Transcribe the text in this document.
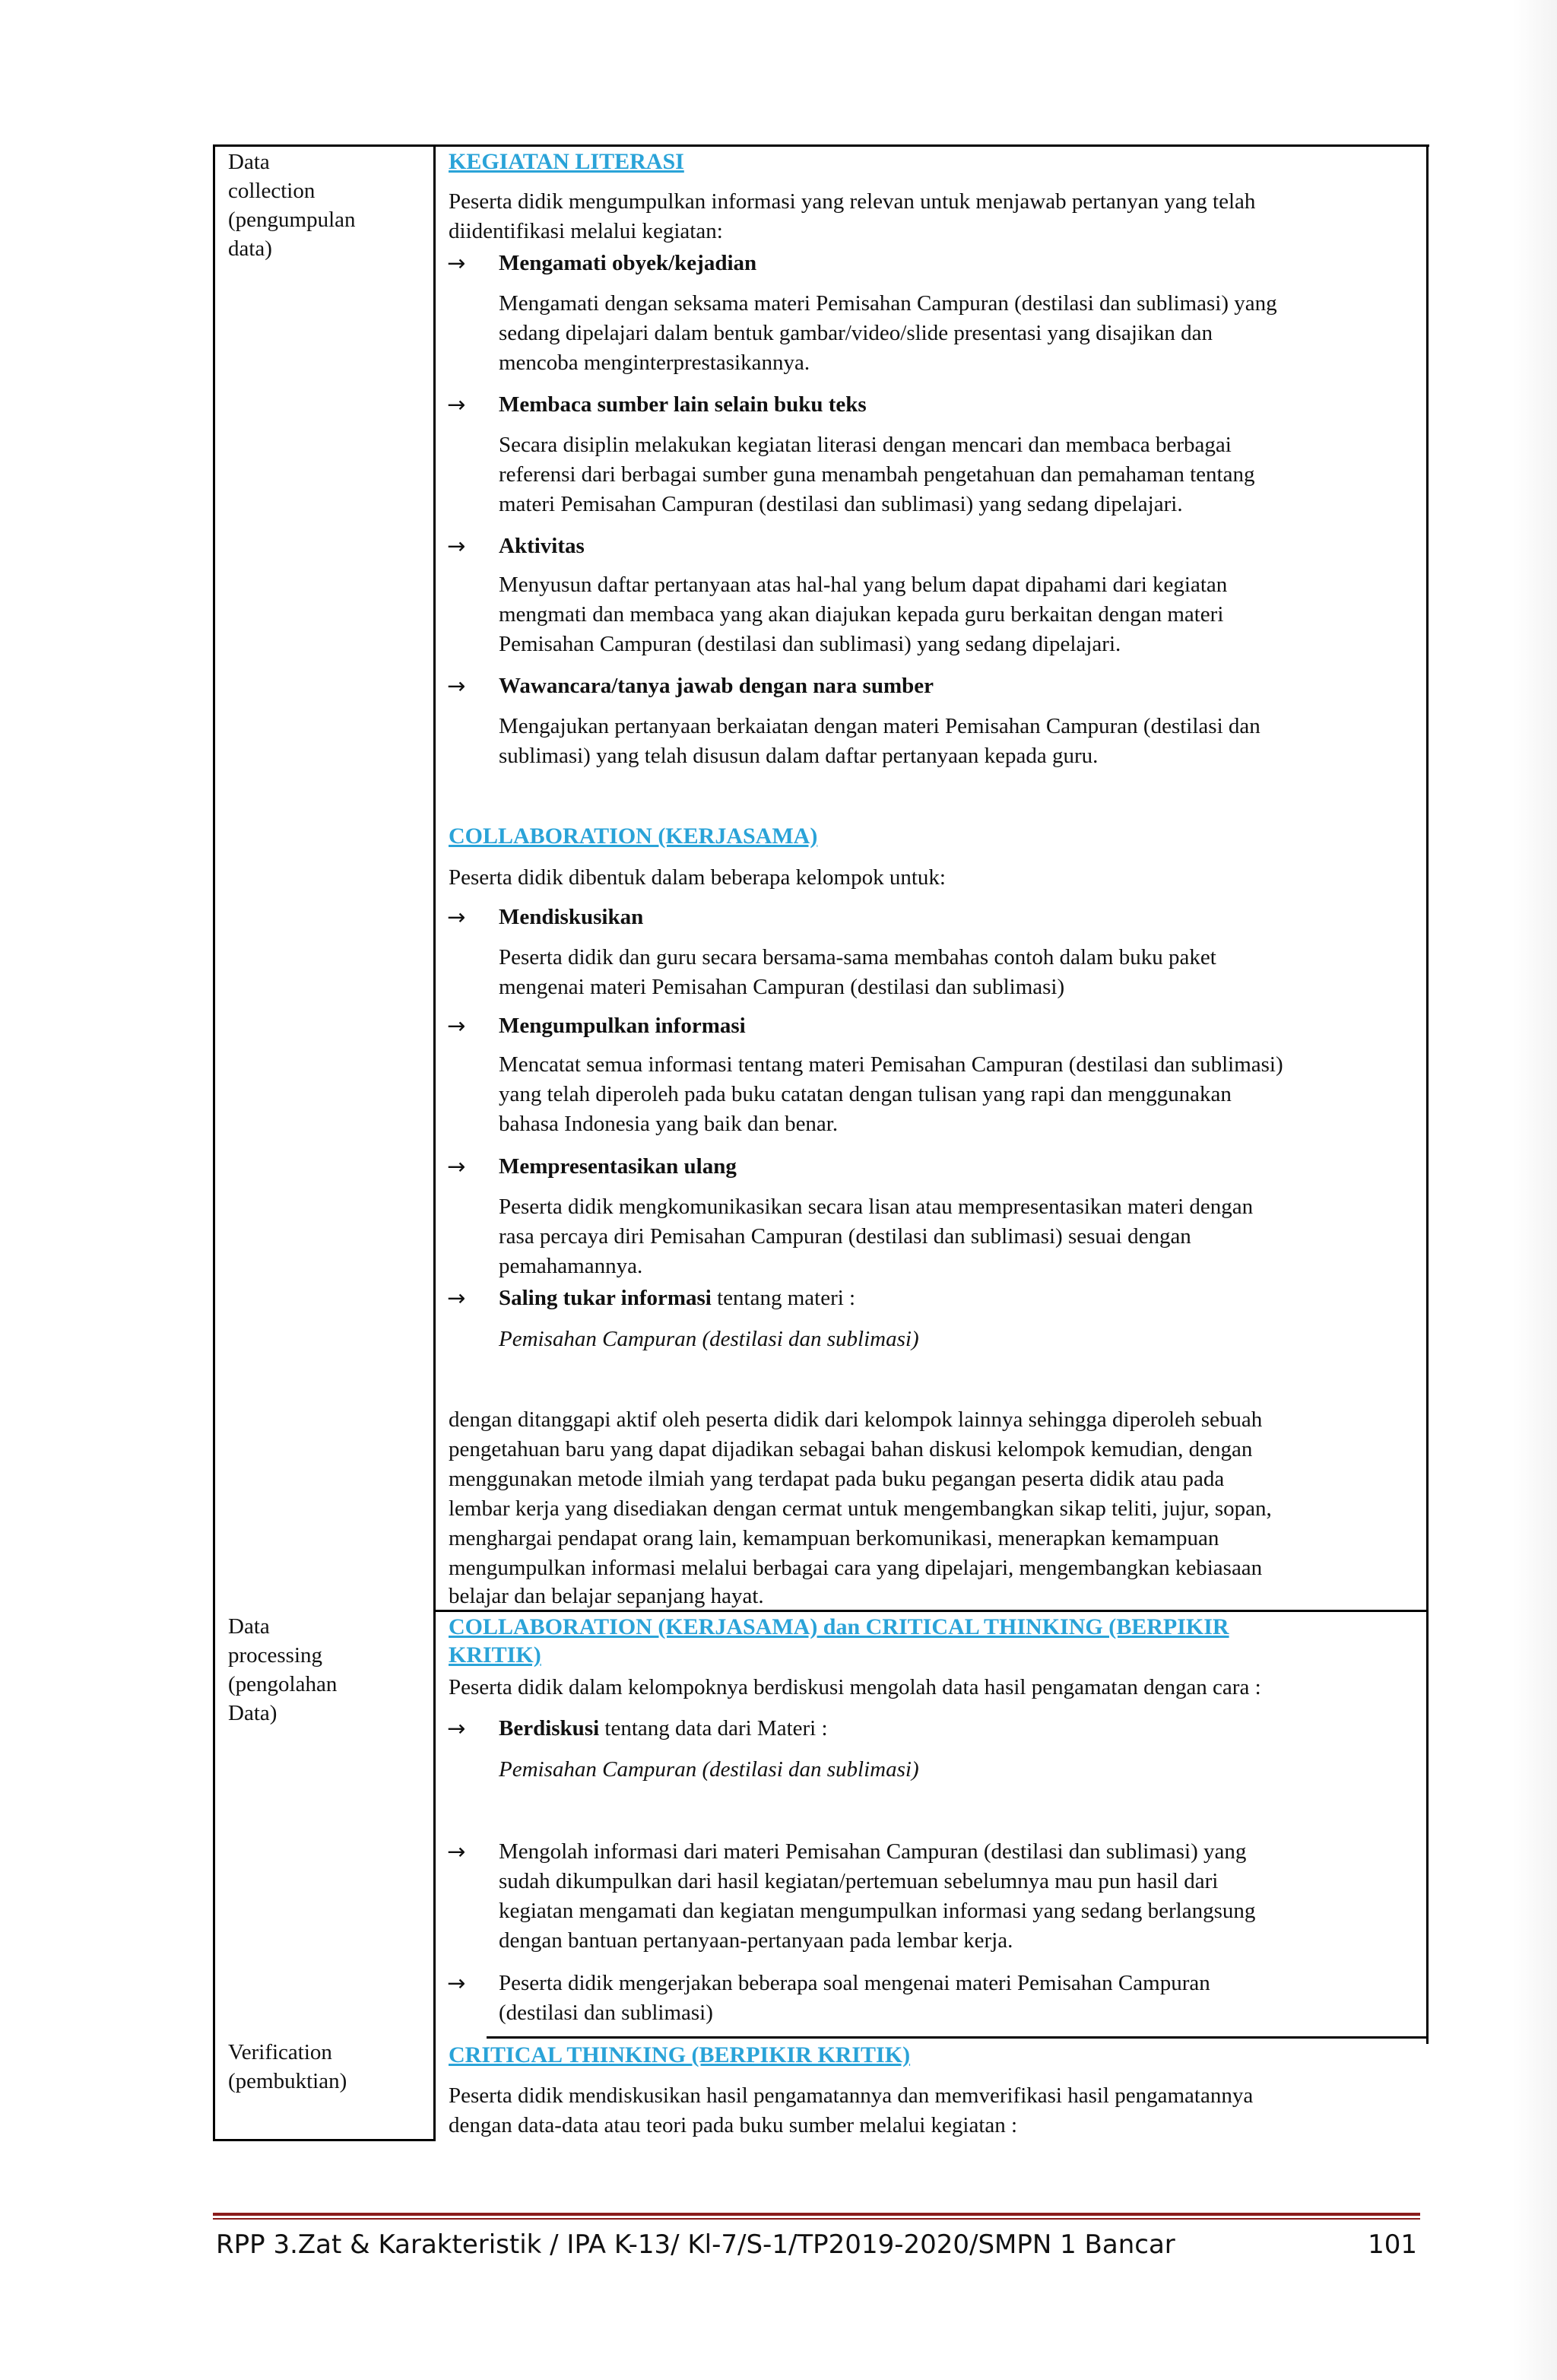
Data
collection
(pengumpulan
data)
Data
processing
(pengolahan
Data)
Verification
(pembuktian)
KEGIATAN LITERASI
Peserta didik mengumpulkan informasi yang relevan untuk menjawab pertanyan yang telah
diidentifikasi melalui kegiatan:
→ Mengamati obyek/kejadian
Mengamati dengan seksama materi Pemisahan Campuran (destilasi dan sublimasi) yang
sedang dipelajari dalam bentuk gambar/video/slide presentasi yang disajikan dan
mencoba menginterprestasikannya.
→ Membaca sumber lain selain buku teks
Secara disiplin melakukan kegiatan literasi dengan mencari dan membaca berbagai
referensi dari berbagai sumber guna menambah pengetahuan dan pemahaman tentang
materi Pemisahan Campuran (destilasi dan sublimasi) yang sedang dipelajari.
→ Aktivitas
Menyusun daftar pertanyaan atas hal-hal yang belum dapat dipahami dari kegiatan
mengmati dan membaca yang akan diajukan kepada guru berkaitan dengan materi
Pemisahan Campuran (destilasi dan sublimasi) yang sedang dipelajari.
→ Wawancara/tanya jawab dengan nara sumber
Mengajukan pertanyaan berkaiatan dengan materi Pemisahan Campuran (destilasi dan
sublimasi) yang telah disusun dalam daftar pertanyaan kepada guru.
COLLABORATION (KERJASAMA)
Peserta didik dibentuk dalam beberapa kelompok untuk:
→ Mendiskusikan
Peserta didik dan guru secara bersama-sama membahas contoh dalam buku paket
mengenai materi Pemisahan Campuran (destilasi dan sublimasi)
→ Mengumpulkan informasi
Mencatat semua informasi tentang materi Pemisahan Campuran (destilasi dan sublimasi)
yang telah diperoleh pada buku catatan dengan tulisan yang rapi dan menggunakan
bahasa Indonesia yang baik dan benar.
→ Mempresentasikan ulang
Peserta didik mengkomunikasikan secara lisan atau mempresentasikan materi dengan
rasa percaya diri Pemisahan Campuran (destilasi dan sublimasi) sesuai dengan
pemahamannya.
→ Saling tukar informasi tentang materi :
Pemisahan Campuran (destilasi dan sublimasi)
dengan ditanggapi aktif oleh peserta didik dari kelompok lainnya sehingga diperoleh sebuah
pengetahuan baru yang dapat dijadikan sebagai bahan diskusi kelompok kemudian, dengan
menggunakan metode ilmiah yang terdapat pada buku pegangan peserta didik atau pada
lembar kerja yang disediakan dengan cermat untuk mengembangkan sikap teliti, jujur, sopan,
menghargai pendapat orang lain, kemampuan berkomunikasi, menerapkan kemampuan
mengumpulkan informasi melalui berbagai cara yang dipelajari, mengembangkan kebiasaan
belajar dan belajar sepanjang hayat.
COLLABORATION (KERJASAMA) dan CRITICAL THINKING (BERPIKIR
KRITIK)
Peserta didik dalam kelompoknya berdiskusi mengolah data hasil pengamatan dengan cara :
→ Berdiskusi tentang data dari Materi :
Pemisahan Campuran (destilasi dan sublimasi)
→ Mengolah informasi dari materi Pemisahan Campuran (destilasi dan sublimasi) yang
sudah dikumpulkan dari hasil kegiatan/pertemuan sebelumnya mau pun hasil dari
kegiatan mengamati dan kegiatan mengumpulkan informasi yang sedang berlangsung
dengan bantuan pertanyaan-pertanyaan pada lembar kerja.
→ Peserta didik mengerjakan beberapa soal mengenai materi Pemisahan Campuran
(destilasi dan sublimasi)
CRITICAL THINKING (BERPIKIR KRITIK)
Peserta didik mendiskusikan hasil pengamatannya dan memverifikasi hasil pengamatannya
dengan data-data atau teori pada buku sumber melalui kegiatan :
RPP 3.Zat & Karakteristik / IPA K-13/ Kl-7/S-1/TP2019-2020/SMPN 1 Bancar	101
